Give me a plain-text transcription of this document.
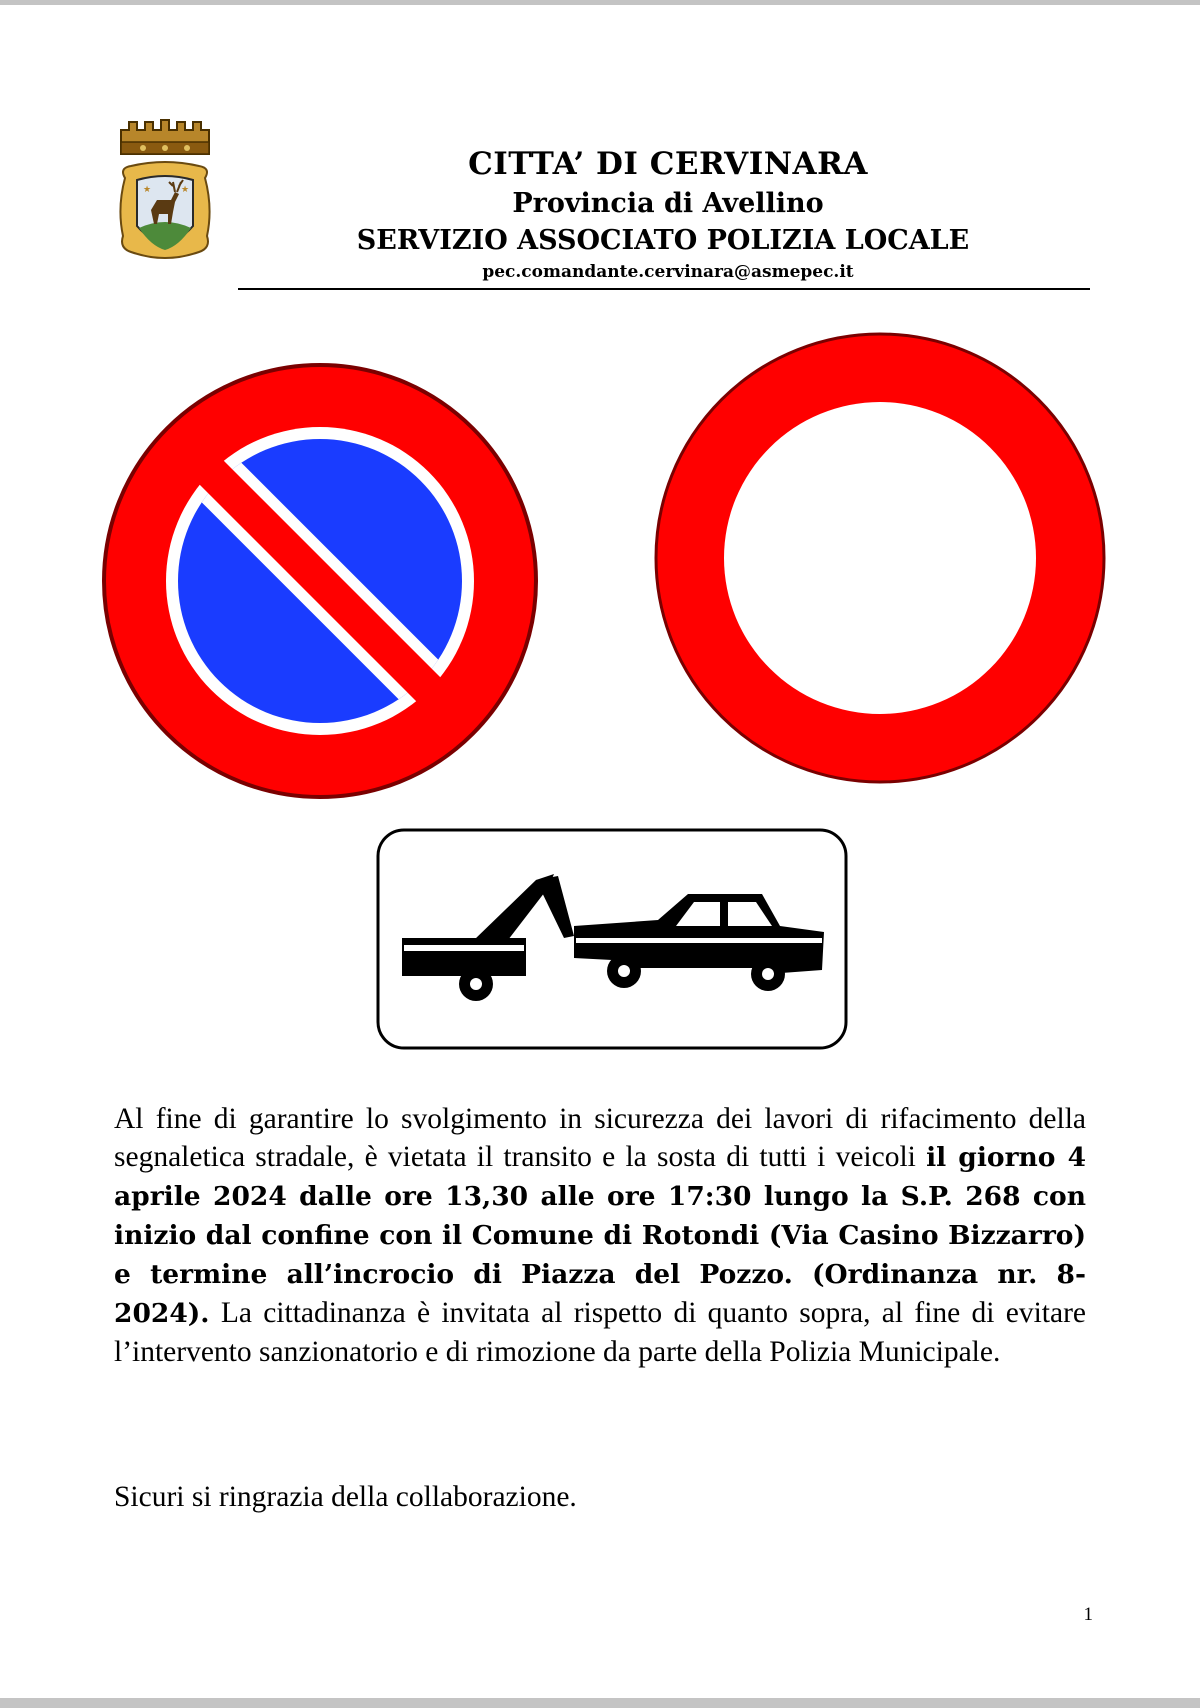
★	★
CITTA’ DI CERVINARA
Provincia di Avellino
SERVIZIO ASSOCIATO POLIZIA LOCALE
pec.comandante.cervinara@asmepec.it
Al fine di garantire lo svolgimento in sicurezza dei lavori di rifacimento della segnaletica stradale, è vietata il transito e la sosta di tutti i veicoli il giorno 4 aprile 2024 dalle ore 13,30 alle ore 17:30 lungo la S.P. 268 con inizio dal confine con il Comune di Rotondi (Via Casino Bizzarro) e termine all’incrocio di Piazza del Pozzo. (Ordinanza nr. 8-2024). La cittadinanza è invitata al rispetto di quanto sopra, al fine di evitare l’intervento sanzionatorio e di rimozione da parte della Polizia Municipale.
Sicuri si ringrazia della collaborazione.
1
